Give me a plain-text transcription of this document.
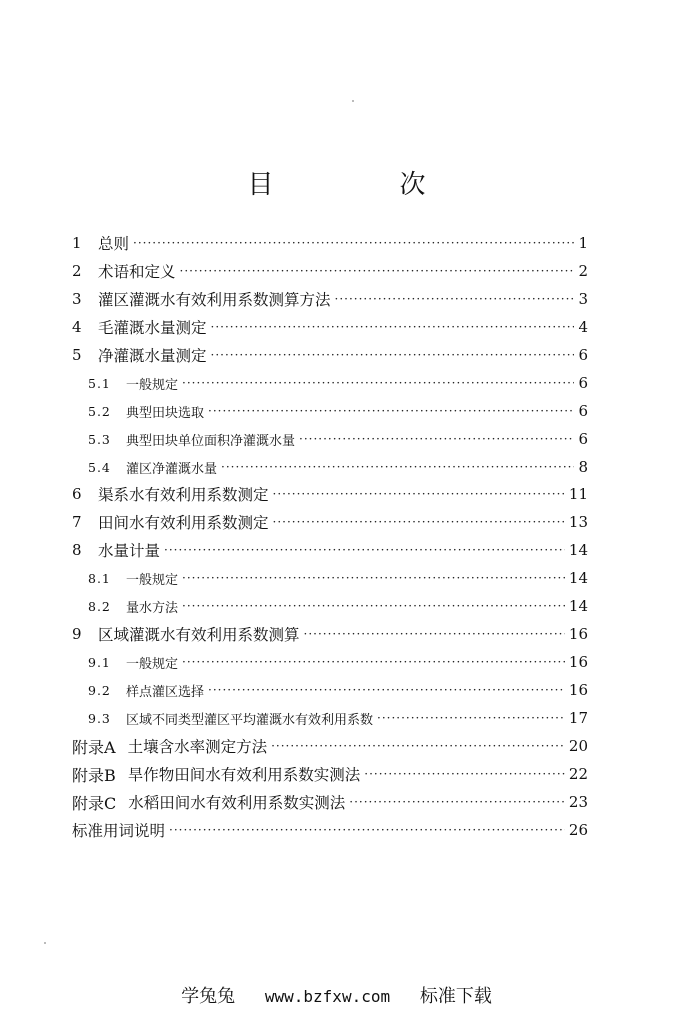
目　次
1	总则 ·····	1
2	术语和定义 ·····	2
3	灌区灌溉水有效利用系数测算方法 ·····	3
4	毛灌溉水量测定 ·····	4
5	净灌溉水量测定 ·····	6
5.1	一般规定 ·····	6
5.2	典型田块选取 ·····	6
5.3	典型田块单位面积净灌溉水量 ·····	6
5.4	灌区净灌溉水量 ·····	8
6	渠系水有效利用系数测定 ·····	11
7	田间水有效利用系数测定 ·····	13
8	水量计量 ·····	14
8.1	一般规定 ·····	14
8.2	量水方法 ·····	14
9	区域灌溉水有效利用系数测算 ·····	16
9.1	一般规定 ·····	16
9.2	样点灌区选择 ·····	16
9.3	区域不同类型灌区平均灌溉水有效利用系数 ·····	17
附录A 土壤含水率测定方法 ·····	20
附录B 旱作物田间水有效利用系数实测法 ·····	22
附录C 水稻田间水有效利用系数实测法 ·····	23
标准用词说明 ·····	26
学兔兔 www.bzfxw.com 标准下载
